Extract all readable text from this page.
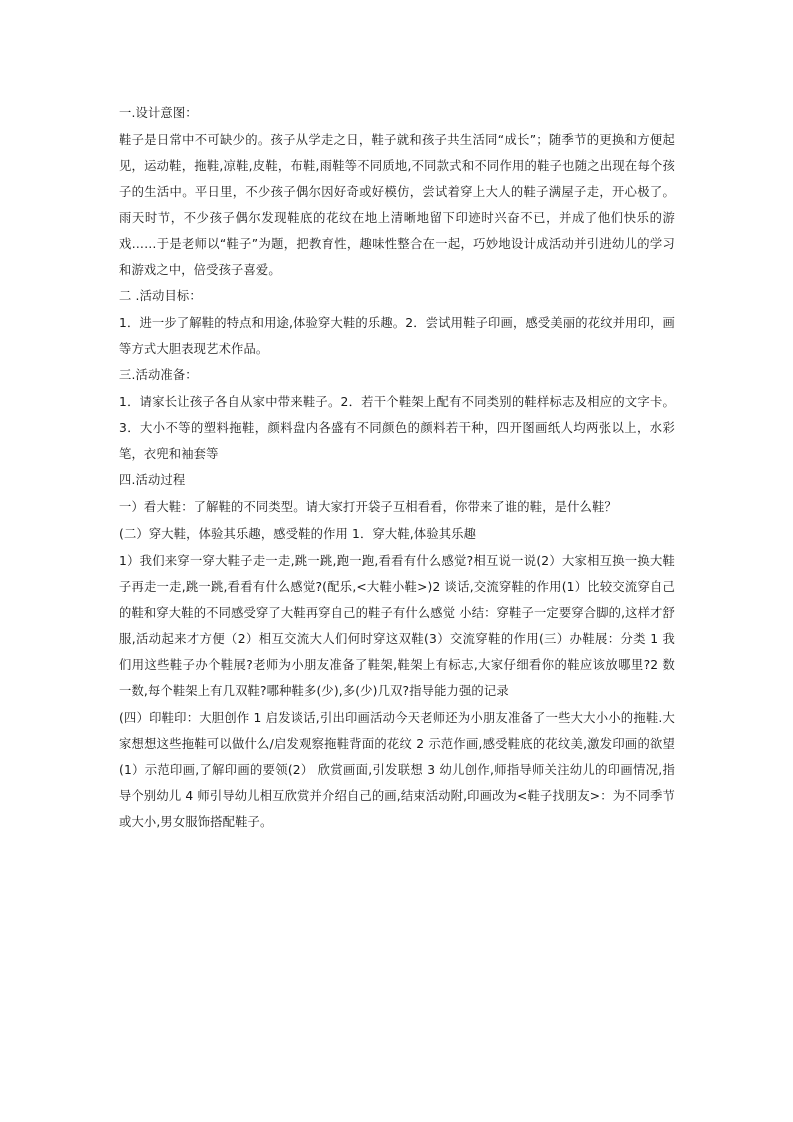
一.设计意图：

鞋子是日常中不可缺少的。孩子从学走之日，鞋子就和孩子共生活同“成长”；随季节的更换和方便起见，运动鞋，拖鞋,凉鞋,皮鞋，布鞋,雨鞋等不同质地,不同款式和不同作用的鞋子也随之出现在每个孩子的生活中。平日里，不少孩子偶尔因好奇或好模仿，尝试着穿上大人的鞋子满屋子走，开心极了。雨天时节，不少孩子偶尔发现鞋底的花纹在地上清晰地留下印迹时兴奋不已，并成了他们快乐的游戏……于是老师以“鞋子”为题，把教育性，趣味性整合在一起，巧妙地设计成活动并引进幼儿的学习和游戏之中，倍受孩子喜爱。

二 .活动目标：

1．进一步了解鞋的特点和用途,体验穿大鞋的乐趣。2．尝试用鞋子印画，感受美丽的花纹并用印，画等方式大胆表现艺术作品。

三.活动准备：

1．请家长让孩子各自从家中带来鞋子。2．若干个鞋架上配有不同类别的鞋样标志及相应的文字卡。3．大小不等的塑料拖鞋，颜料盘内各盛有不同颜色的颜料若干种，四开图画纸人均两张以上，水彩笔，衣兜和袖套等

四.活动过程

一）看大鞋：了解鞋的不同类型。请大家打开袋子互相看看，你带来了谁的鞋，是什么鞋？

(二）穿大鞋，体验其乐趣，感受鞋的作用 1．穿大鞋,体验其乐趣

1）我们来穿一穿大鞋子走一走,跳一跳,跑一跑,看看有什么感觉?相互说一说(2）大家相互换一换大鞋子再走一走,跳一跳,看看有什么感觉?(配乐,<大鞋小鞋>)2 谈话,交流穿鞋的作用(1）比较交流穿自己的鞋和穿大鞋的不同感受穿了大鞋再穿自己的鞋子有什么感觉 小结：穿鞋子一定要穿合脚的,这样才舒服,活动起来才方便（2）相互交流大人们何时穿这双鞋(3）交流穿鞋的作用(三）办鞋展：分类 1 我们用这些鞋子办个鞋展?老师为小朋友准备了鞋架,鞋架上有标志,大家仔细看你的鞋应该放哪里?2 数一数,每个鞋架上有几双鞋?哪种鞋多(少),多(少)几双?指导能力强的记录

(四）印鞋印：大胆创作 1 启发谈话,引出印画活动今天老师还为小朋友准备了一些大大小小的拖鞋.大家想想这些拖鞋可以做什么/启发观察拖鞋背面的花纹 2 示范作画,感受鞋底的花纹美,激发印画的欲望(1）示范印画,了解印画的要领(2） 欣赏画面,引发联想 3 幼儿创作,师指导师关注幼儿的印画情况,指导个别幼儿 4 师引导幼儿相互欣赏并介绍自己的画,结束活动附,印画改为<鞋子找朋友>：为不同季节或大小,男女服饰搭配鞋子。
